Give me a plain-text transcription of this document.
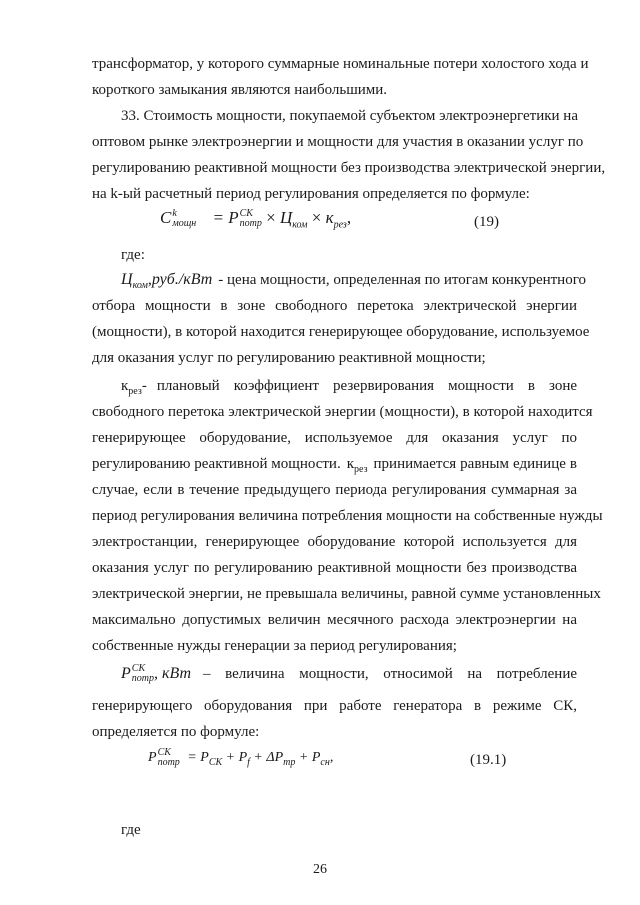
трансформатор, у которого суммарные номинальные потери холостого хода и
короткого замыкания являются наибольшими.
33. Стоимость мощности, покупаемой субъектом электроэнергетики на
оптовом рынке электроэнергии и мощности для участия в оказании услуг по
регулированию реактивной мощности без производства электрической энергии,
на k-ый расчетный период регулирования определяется по формуле:
С k
мощн = P СК
потр × $Ц_{ком} \times к_{рез}$,	(19)
где:
$Ц_{ком},руб$./кВт - цена мощности, определенная по итогам конкурентного
отбора мощности в зоне свободного перетока электрической энергии
(мощности), в которой находится генерирующее оборудование, используемое
для оказания услуг по регулированию реактивной мощности;
$к_{рез}-$ плановый коэффициент резервирования мощности в зоне
свободного перетока электрической энергии (мощности), в которой находится
генерирующее оборудование, используемое для оказания услуг по
регулированию реактивной мощности. $к_{рез}$ принимается равным единице в
случае, если в течение предыдущего периода регулирования суммарная за
период регулирования величина потребления мощности на собственные нужды
электростанции, генерирующее оборудование которой используется для
оказания услуг по регулированию реактивной мощности без производства
электрической энергии, не превышала величины, равной сумме установленных
максимально допустимых величин месячного расхода электроэнергии на
собственные нужды генерации за период регулирования;
P СК
потр , кВт – величина мощности, относимой на потребление
генерирующего оборудования при работе генератора в режиме СК,
определяется по формуле:
P СК
потр = $P_{СК} + P_f + \Delta P_{тр} + P_{сн}$,	(19.1)
где
26
